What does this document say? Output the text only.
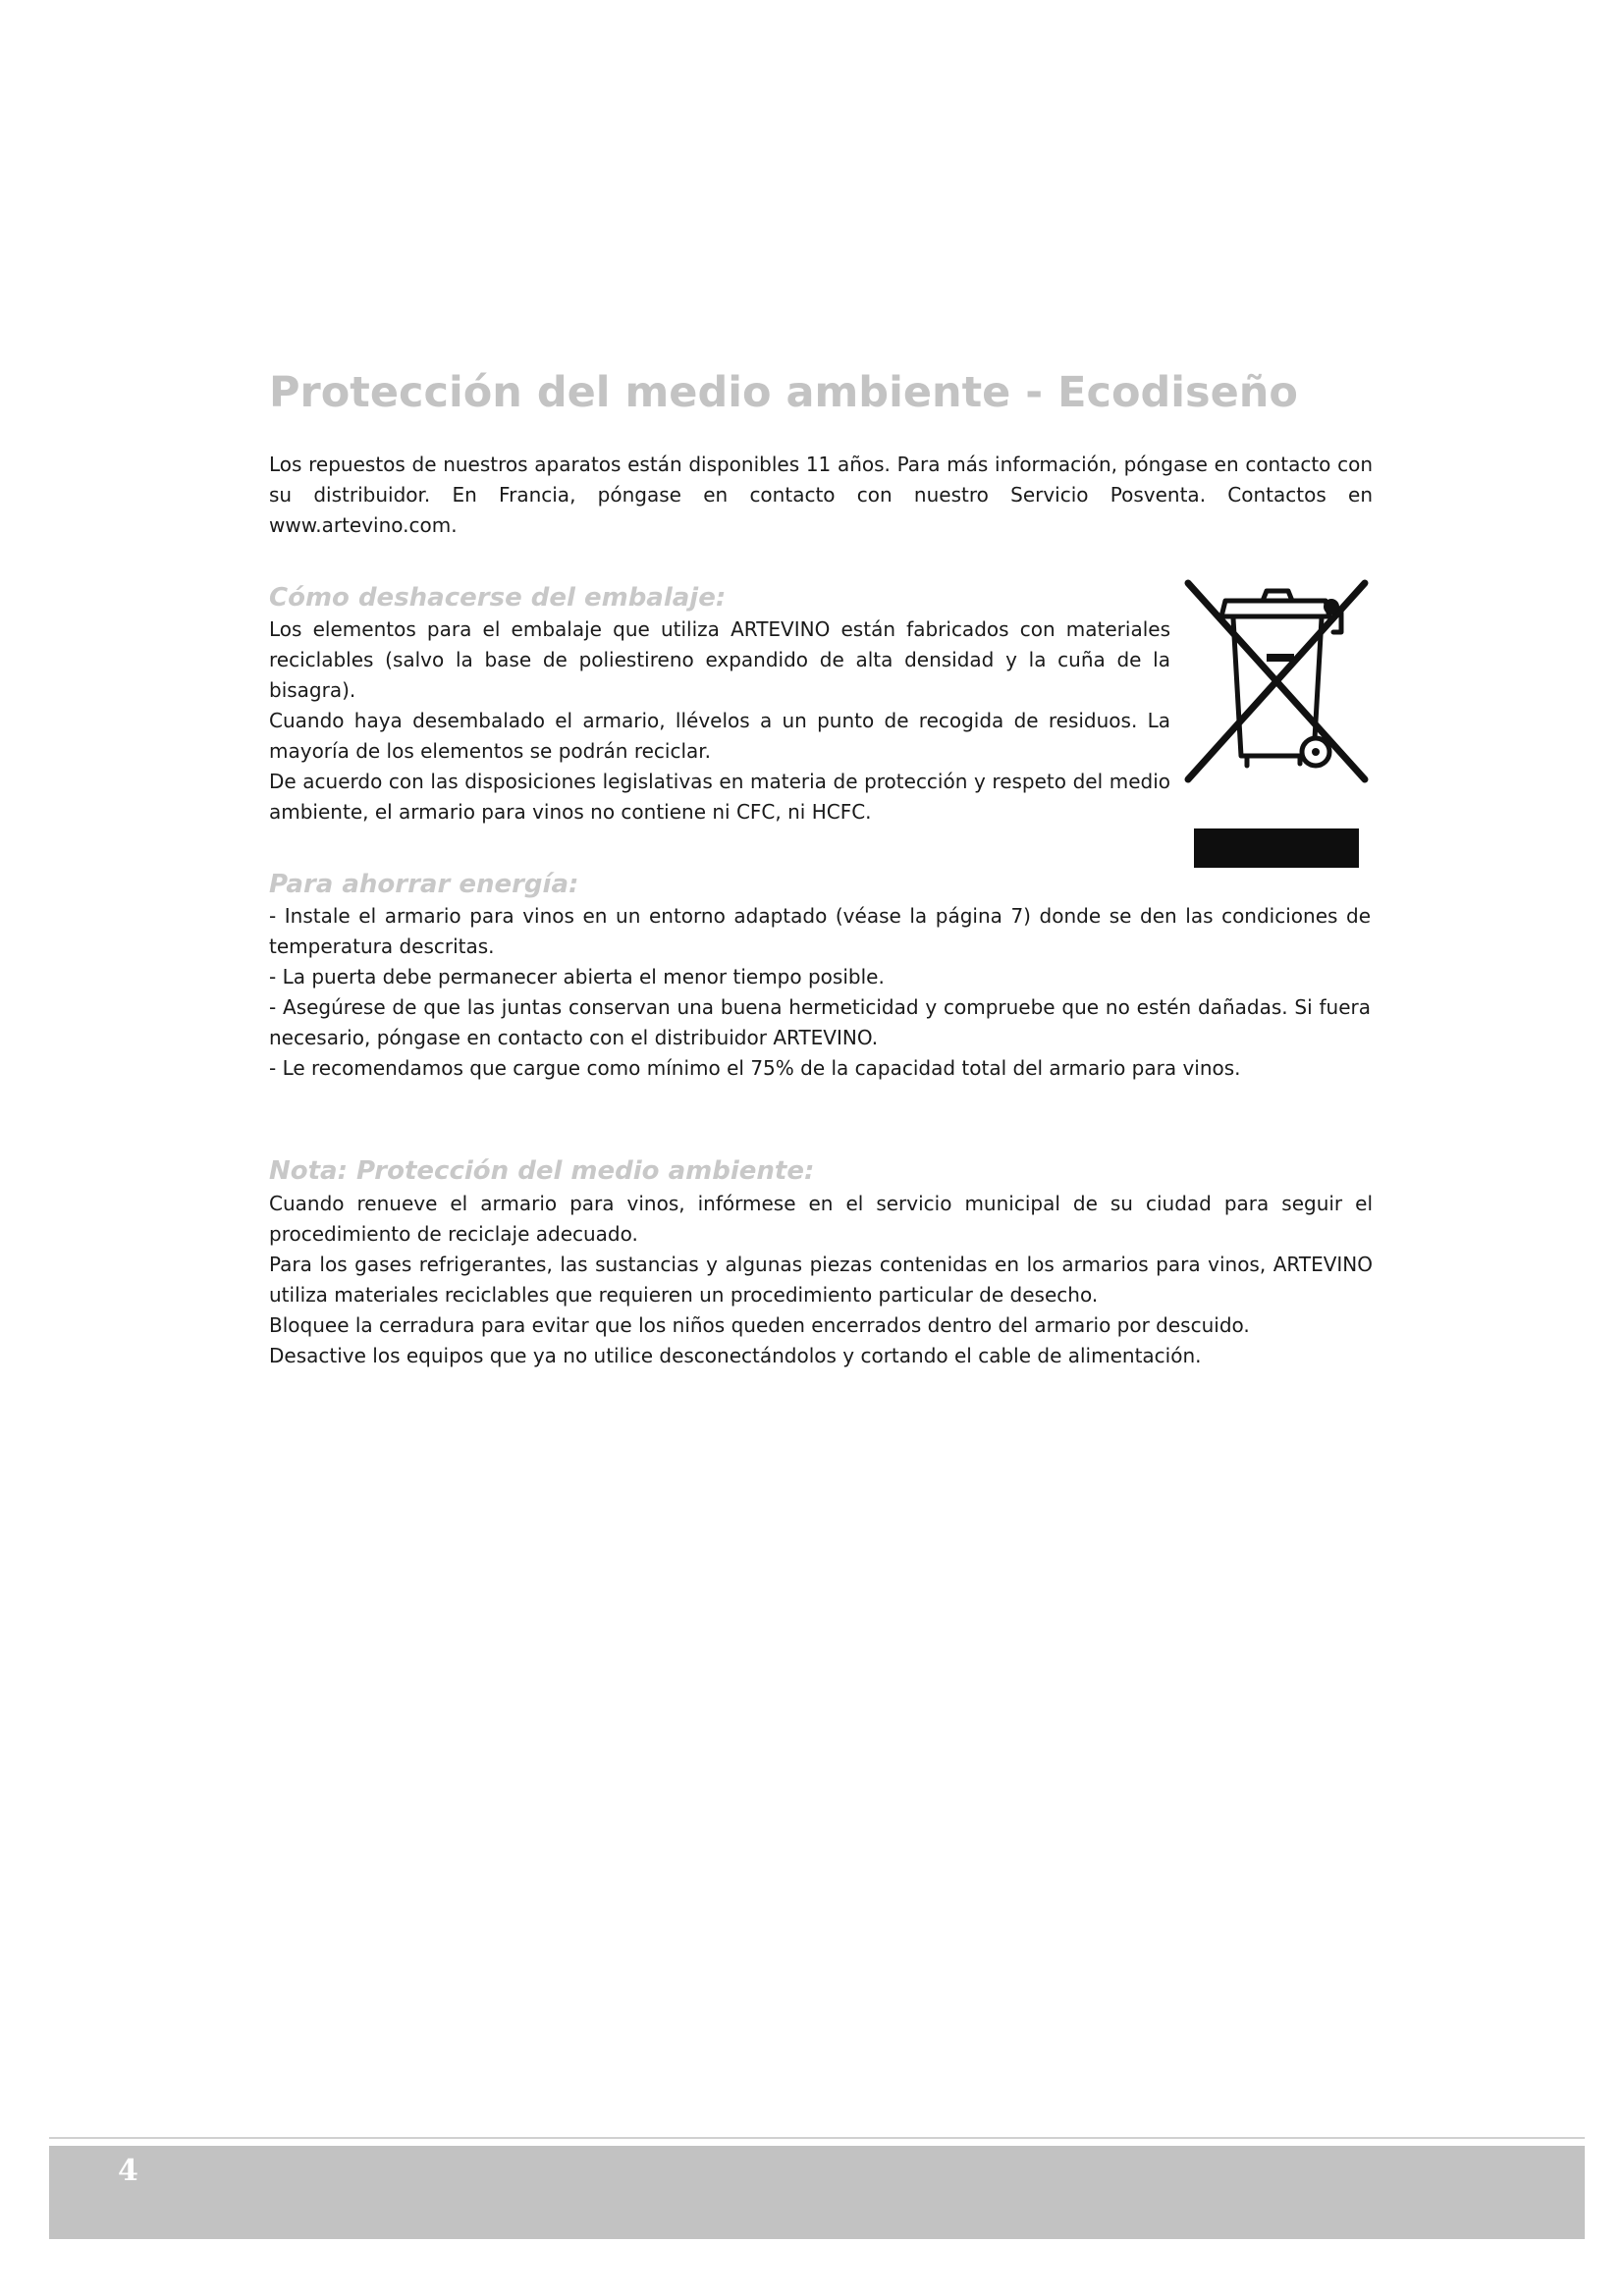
Protección del medio ambiente - Ecodiseño

Los repuestos de nuestros aparatos están disponibles 11 años. Para más información, póngase en contacto con su distribuidor. En Francia, póngase en contacto con nuestro Servicio Posventa. Contactos en www.artevino.com.

Cómo deshacerse del embalaje:

Los elementos para el embalaje que utiliza ARTEVINO están fabricados con materiales reciclables (salvo la base de poliestireno expandido de alta densidad y la cuña de la bisagra).

Cuando haya desembalado el armario, llévelos a un punto de recogida de residuos. La mayoría de los elementos se podrán reciclar.

De acuerdo con las disposiciones legislativas en materia de protección y respeto del medio ambiente, el armario para vinos no contiene ni CFC, ni HCFC.

Para ahorrar energía:

- Instale el armario para vinos en un entorno adaptado (véase la página 7) donde se den las condiciones de temperatura descritas.

- La puerta debe permanecer abierta el menor tiempo posible.

- Asegúrese de que las juntas conservan una buena hermeticidad y compruebe que no estén dañadas. Si fuera necesario, póngase en contacto con el distribuidor ARTEVINO.

- Le recomendamos que cargue como mínimo el 75% de la capacidad total del armario para vinos.

Nota: Protección del medio ambiente:

Cuando renueve el armario para vinos, infórmese en el servicio municipal de su ciudad para seguir el procedimiento de reciclaje adecuado.

Para los gases refrigerantes, las sustancias y algunas piezas contenidas en los armarios para vinos, ARTEVINO utiliza materiales reciclables que requieren un procedimiento particular de desecho.

Bloquee la cerradura para evitar que los niños queden encerrados dentro del armario por descuido.

Desactive los equipos que ya no utilice desconectándolos y cortando el cable de alimentación.

4
